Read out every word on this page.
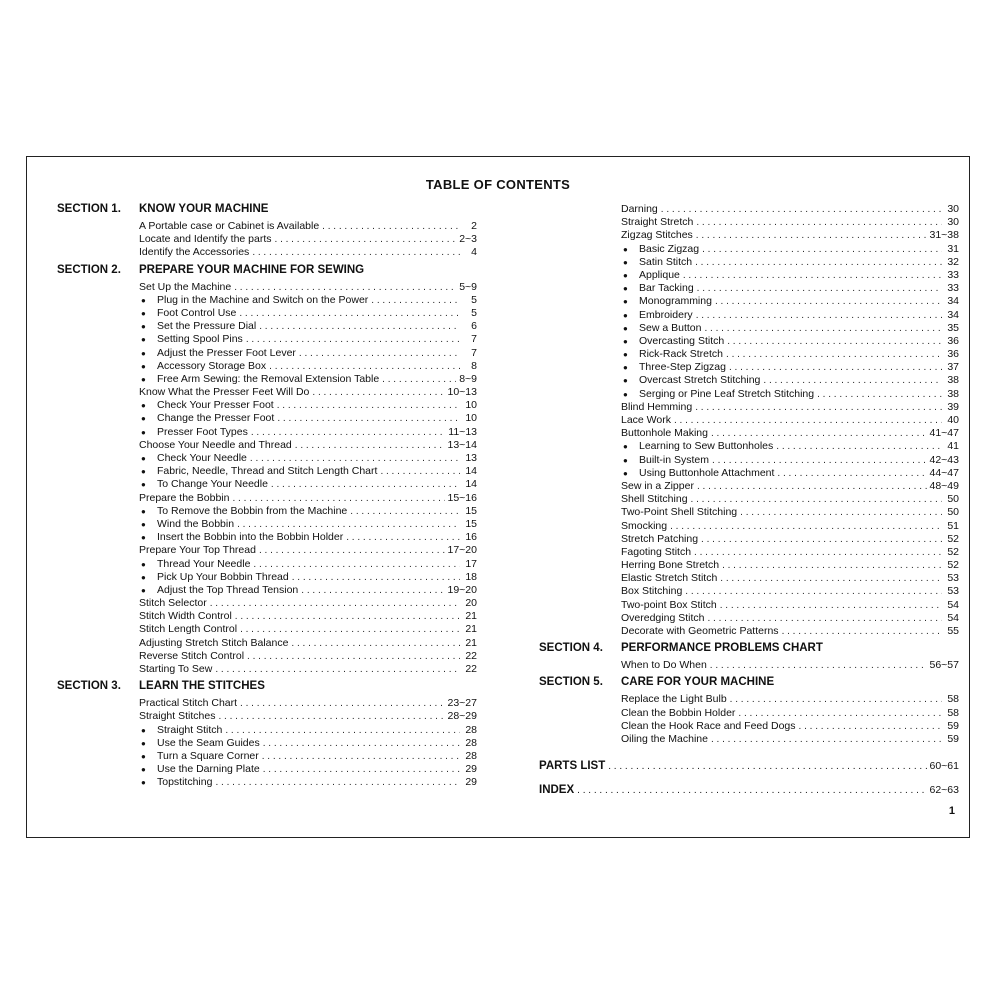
TABLE OF CONTENTS
SECTION 1.	KNOW YOUR MACHINE
A Portable case or Cabinet is Available . . .	2
Locate and Identify the parts . . .	2~3
Identify the Accessories . . .	4
SECTION 2.	PREPARE YOUR MACHINE FOR SEWING
Set Up the Machine . . .	5~9
●	Plug in the Machine and Switch on the Power . . .	5
●	Foot Control Use . . .	5
●	Set the Pressure Dial . . .	6
●	Setting Spool Pins . . .	7
●	Adjust the Presser Foot Lever . . .	7
●	Accessory Storage Box . . .	8
●	Free Arm Sewing: the Removal Extension Table . . .	8~9
Know What the Presser Feet Will Do . . .	10~13
●	Check Your Presser Foot . . .	10
●	Change the Presser Foot . . .	10
●	Presser Foot Types . . .	11~13
Choose Your Needle and Thread . . .	13~14
●	Check Your Needle . . .	13
●	Fabric, Needle, Thread and Stitch Length Chart . . .	14
●	To Change Your Needle . . .	14
Prepare the Bobbin . . .	15~16
●	To Remove the Bobbin from the Machine . . .	15
●	Wind the Bobbin . . .	15
●	Insert the Bobbin into the Bobbin Holder . . .	16
Prepare Your Top Thread . . .	17~20
●	Thread Your Needle . . .	17
●	Pick Up Your Bobbin Thread . . .	18
●	Adjust the Top Thread Tension . . .	19~20
Stitch Selector . . .	20
Stitch Width Control . . .	21
Stitch Length Control . . .	21
Adjusting Stretch Stitch Balance . . .	21
Reverse Stitch Control . . .	22
Starting To Sew . . .	22
SECTION 3.	LEARN THE STITCHES
Practical Stitch Chart . . .	23~27
Straight Stitches . . .	28~29
●	Straight Stitch . . .	28
●	Use the Seam Guides . . .	28
●	Turn a Square Corner . . .	28
●	Use the Darning Plate . . .	29
●	Topstitching . . .	29
Darning . . .	30
Straight Stretch . . .	30
Zigzag Stitches . . .	31~38
●	Basic Zigzag . . .	31
●	Satin Stitch . . .	32
●	Applique . . .	33
●	Bar Tacking . . .	33
●	Monogramming . . .	34
●	Embroidery . . .	34
●	Sew a Button . . .	35
●	Overcasting Stitch . . .	36
●	Rick-Rack Stretch . . .	36
●	Three-Step Zigzag . . .	37
●	Overcast Stretch Stitching . . .	38
●	Serging or Pine Leaf Stretch Stitching . . .	38
Blind Hemming . . .	39
Lace Work . . .	40
Buttonhole Making . . .	41~47
●	Learning to Sew Buttonholes . . .	41
●	Built-in System . . .	42~43
●	Using Buttonhole Attachment . . .	44~47
Sew in a Zipper . . .	48~49
Shell Stitching . . .	50
Two-Point Shell Stitching . . .	50
Smocking . . .	51
Stretch Patching . . .	52
Fagoting Stitch . . .	52
Herring Bone Stretch . . .	52
Elastic Stretch Stitch . . .	53
Box Stitching . . .	53
Two-point Box Stitch . . .	54
Overedging Stitch . . .	54
Decorate with Geometric Patterns . . .	55
SECTION 4.	PERFORMANCE PROBLEMS CHART
When to Do When . . .	56~57
SECTION 5.	CARE FOR YOUR MACHINE
Replace the Light Bulb . . .	58
Clean the Bobbin Holder . . .	58
Clean the Hook Race and Feed Dogs . . .	59
Oiling the Machine . . .	59
PARTS LIST . . .	60~61
INDEX . . .	62~63
1
